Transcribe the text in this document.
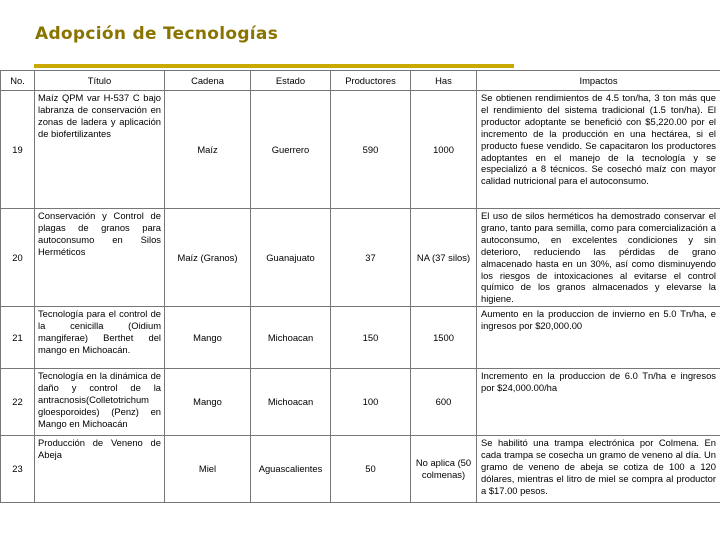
Adopción de Tecnologías
No.	Título	Cadena	Estado	Productores	Has	Impactos
19	Maíz QPM var H-537 C bajo labranza de conservación en zonas de ladera y aplicación de biofertilizantes	Maíz	Guerrero	590	1000	Se obtienen rendimientos de 4.5 ton/ha, 3 ton más que el rendimiento del sistema tradicional (1.5 ton/ha). El productor adoptante se benefició con $5,220.00 por el incremento de la producción en una hectárea, si el producto fuese vendido. Se capacitaron los productores adoptantes en el manejo de la tecnología y se especializó a 8 técnicos. Se cosechó maíz con mayor calidad nutricional para el autoconsumo.
20	Conservación y Control de plagas de granos para autoconsumo en Silos Herméticos	Maíz (Granos)	Guanajuato	37	NA (37 silos)	El uso de silos herméticos ha demostrado conservar el grano, tanto para semilla, como para comercialización a autoconsumo, en excelentes condiciones y sin deterioro, reduciendo las pérdidas de grano almacenado hasta en un 30%, así como disminuyendo los riesgos de intoxicaciones al evitarse el control químico de los granos almacenados y elevarse la higiene.
21	Tecnología para el control de la cenicilla (Oidium mangiferae) Berthet del mango en Michoacán.	Mango	Michoacan	150	1500	Aumento en la produccion de invierno en 5.0 Tn/ha, e ingresos por $20,000.00
22	Tecnología en la dinámica de daño y control de la antracnosis(Colletotrichum gloesporoides) (Penz) en Mango en Michoacán	Mango	Michoacan	100	600	Incremento en la produccion de 6.0 Tn/ha e ingresos por $24,000.00/ha
23	Producción de Veneno de Abeja	Miel	Aguascalientes	50	No aplica (50 colmenas)	Se habilitó una trampa electrónica por Colmena. En cada trampa se cosecha un gramo de veneno al día. Un gramo de veneno de abeja se cotiza de 100 a 120 dólares, mientras el litro de miel se compra al productor a $17.00 pesos.
